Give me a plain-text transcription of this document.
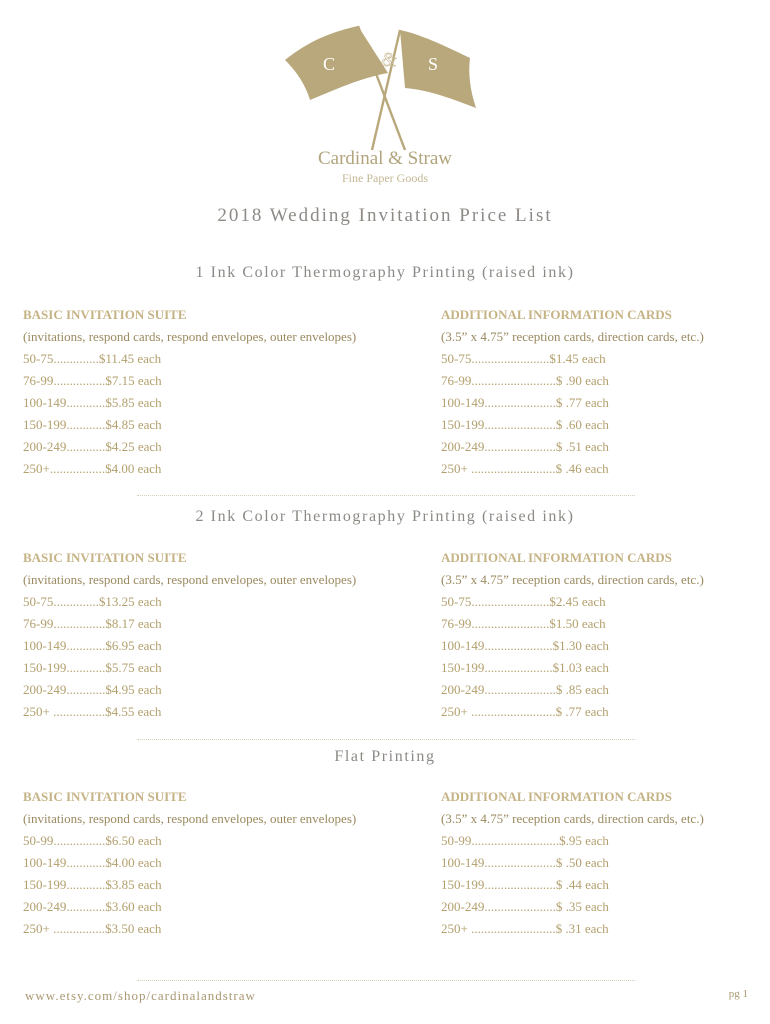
&
C	S
Cardinal & Straw
Fine Paper Goods
2018 Wedding Invitation Price List
1 Ink Color Thermography Printing (raised ink)
BASIC INVITATION SUITE
(invitations, respond cards, respond envelopes, outer envelopes)
50-75..............$11.45 each
76-99................$7.15 each
100-149............$5.85 each
150-199............$4.85 each
200-249............$4.25 each
250+.................$4.00 each
ADDITIONAL INFORMATION CARDS
(3.5” x 4.75” reception cards, direction cards, etc.)
50-75........................$1.45 each
76-99..........................$ .90 each
100-149......................$ .77 each
150-199......................$ .60 each
200-249......................$ .51 each
250+ ..........................$ .46 each
2 Ink Color Thermography Printing (raised ink)
BASIC INVITATION SUITE
(invitations, respond cards, respond envelopes, outer envelopes)
50-75..............$13.25 each
76-99................$8.17 each
100-149............$6.95 each
150-199............$5.75 each
200-249............$4.95 each
250+ ................$4.55 each
ADDITIONAL INFORMATION CARDS
(3.5” x 4.75” reception cards, direction cards, etc.)
50-75........................$2.45 each
76-99........................$1.50 each
100-149.....................$1.30 each
150-199.....................$1.03 each
200-249......................$ .85 each
250+ ..........................$ .77 each
Flat Printing
BASIC INVITATION SUITE
(invitations, respond cards, respond envelopes, outer envelopes)
50-99................$6.50 each
100-149............$4.00 each
150-199............$3.85 each
200-249............$3.60 each
250+ ................$3.50 each
ADDITIONAL INFORMATION CARDS
(3.5” x 4.75” reception cards, direction cards, etc.)
50-99...........................$.95 each
100-149......................$ .50 each
150-199......................$ .44 each
200-249......................$ .35 each
250+ ..........................$ .31 each
www.etsy.com/shop/cardinalandstraw	pg 1
